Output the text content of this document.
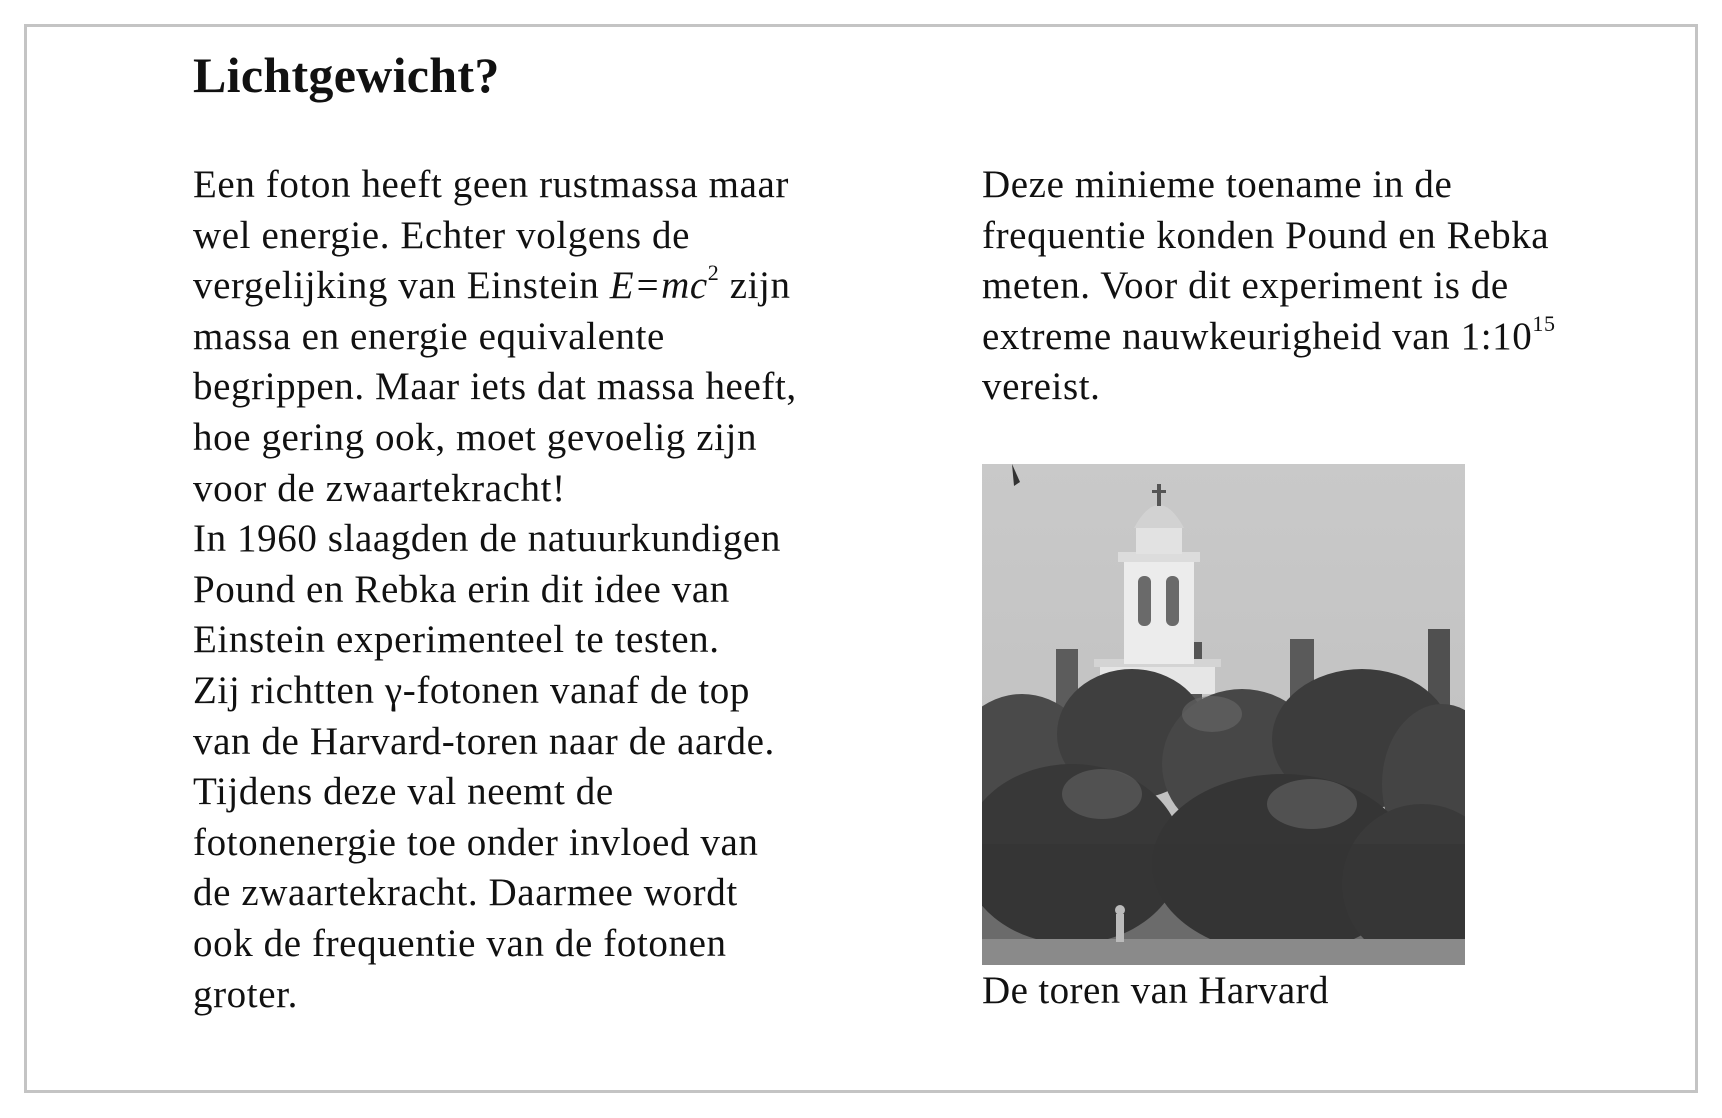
Lichtgewicht?
Een foton heeft geen rustmassa maar
wel energie. Echter volgens de
vergelijking van Einstein $E=mc^2$ zijn
massa en energie equivalente
begrippen. Maar iets dat massa heeft,
hoe gering ook, moet gevoelig zijn
voor de zwaartekracht!
In 1960 slaagden de natuurkundigen
Pound en Rebka erin dit idee van
Einstein experimenteel te testen.
Zij richtten γ-fotonen vanaf de top
van de Harvard-toren naar de aarde.
Tijdens deze val neemt de
fotonenergie toe onder invloed van
de zwaartekracht. Daarmee wordt
ook de frequentie van de fotonen
groter.
Deze minieme toename in de
frequentie konden Pound en Rebka
meten. Voor dit experiment is de
extreme nauwkeurigheid van $1:10^{15}$
vereist.
De toren van Harvard
